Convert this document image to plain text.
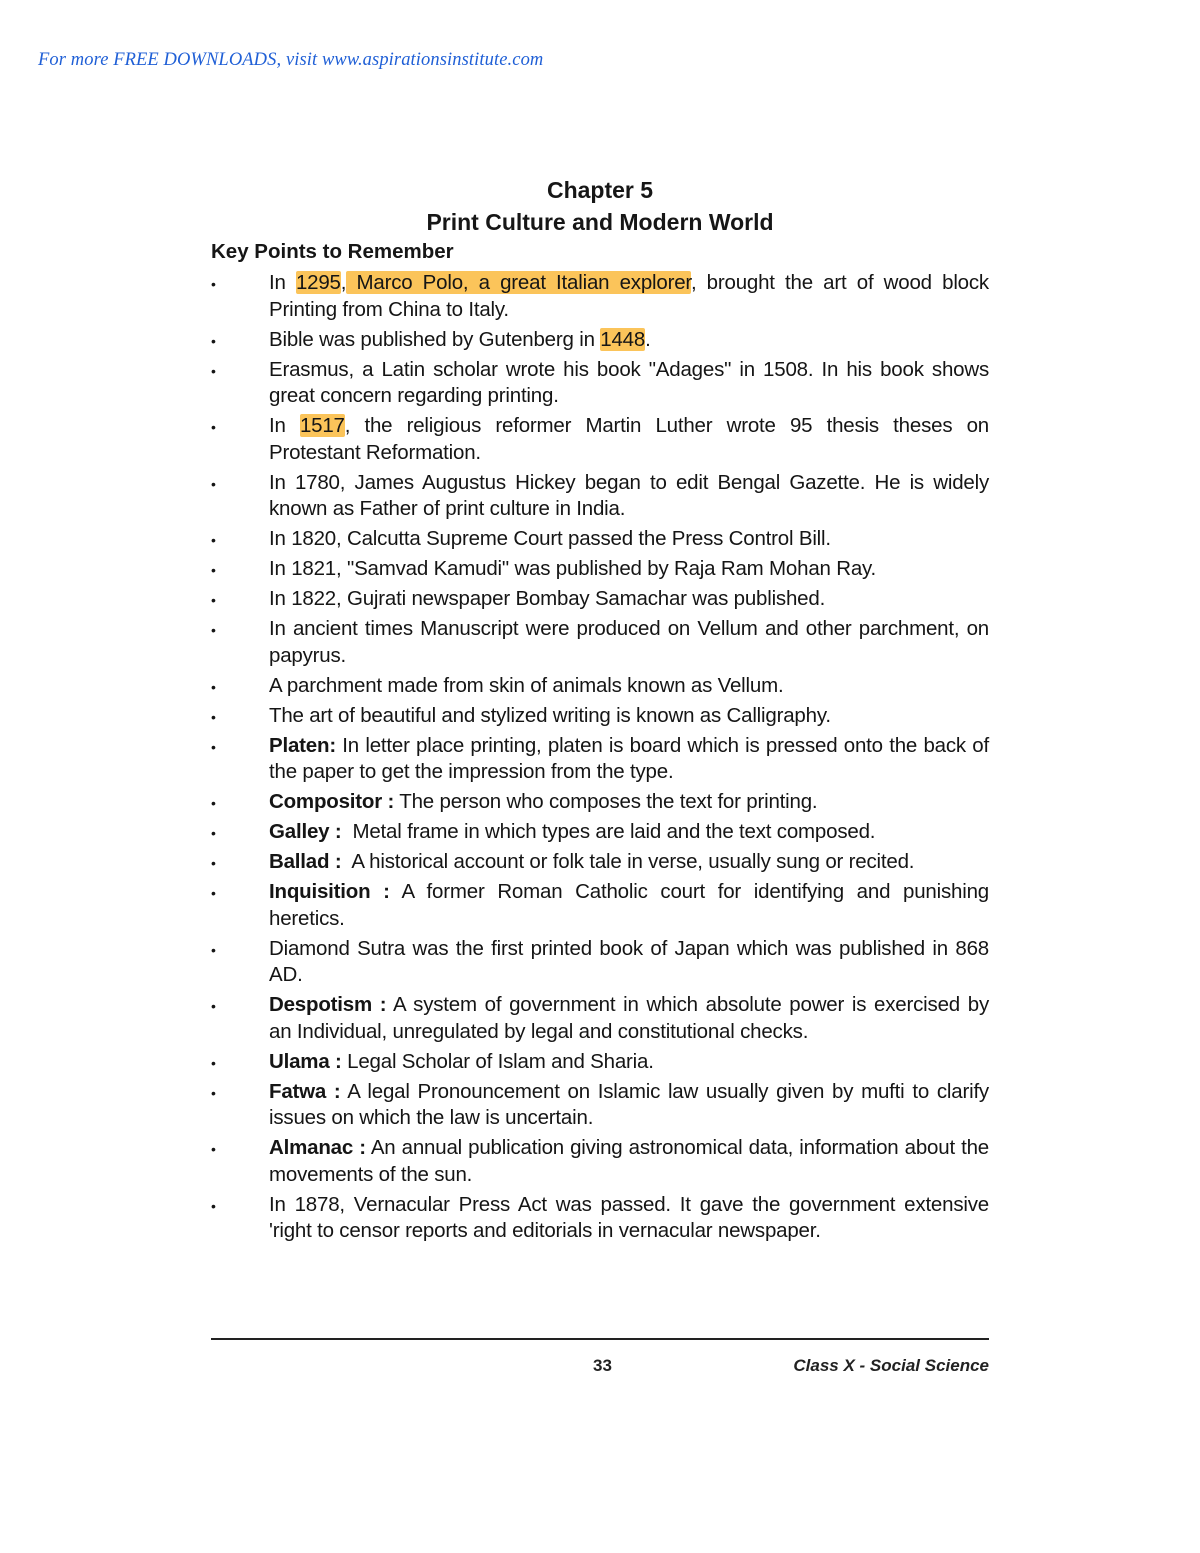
For more FREE DOWNLOADS, visit www.aspirationsinstitute.com
Chapter 5
Print Culture and Modern World
Key Points to Remember
•	In 1295, Marco Polo, a great Italian explorer, brought the art of wood block Printing from China to Italy.
•	Bible was published by Gutenberg in 1448.
•	Erasmus, a Latin scholar wrote his book "Adages" in 1508. In his book shows great concern regarding printing.
•	In 1517, the religious reformer Martin Luther wrote 95 thesis theses on Protestant Reformation.
•	In 1780, James Augustus Hickey began to edit Bengal Gazette. He is widely known as Father of print culture in India.
•	In 1820, Calcutta Supreme Court passed the Press Control Bill.
•	In 1821, "Samvad Kamudi" was published by Raja Ram Mohan Ray.
•	In 1822, Gujrati newspaper Bombay Samachar was published.
•	In ancient times Manuscript were produced on Vellum and other parchment, on papyrus.
•	A parchment made from skin of animals known as Vellum.
•	The art of beautiful and stylized writing is known as Calligraphy.
•	Platen: In letter place printing, platen is board which is pressed onto the back of the paper to get the impression from the type.
•	Compositor : The person who composes the text for printing.
•	Galley :  Metal frame in which types are laid and the text composed.
•	Ballad :  A historical account or folk tale in verse, usually sung or recited.
•	Inquisition : A former Roman Catholic court for identifying and punishing heretics.
•	Diamond Sutra was the first printed book of Japan which was published in 868 AD.
•	Despotism : A system of government in which absolute power is exercised by an Individual, unregulated by legal and constitutional checks.
•	Ulama : Legal Scholar of Islam and Sharia.
•	Fatwa : A legal Pronouncement on Islamic law usually given by mufti to clarify issues on which the law is uncertain.
•	Almanac : An annual publication giving astronomical data, information about the movements of the sun.
•	In 1878, Vernacular Press Act was passed. It gave the government extensive 'right to censor reports and editorials in vernacular newspaper.
33	Class X - Social Science
